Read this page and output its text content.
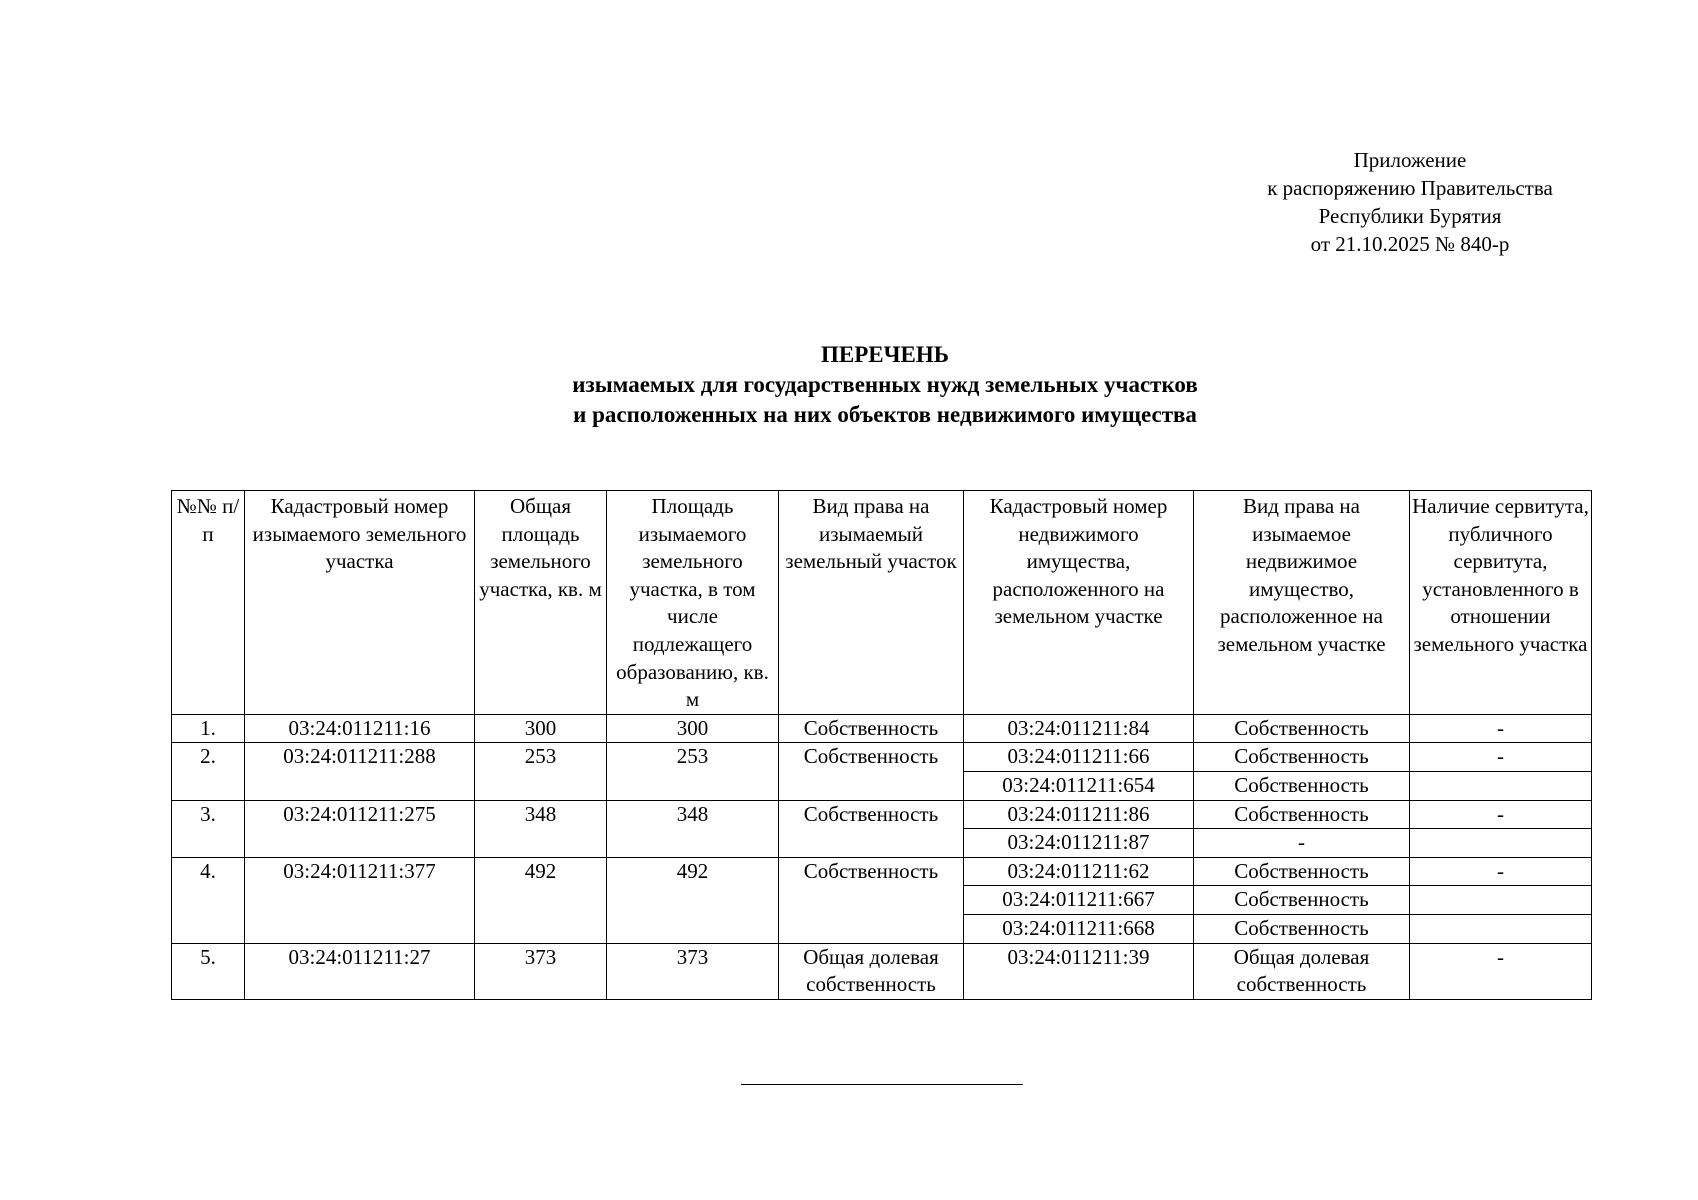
Приложение
к распоряжению Правительства
Республики Бурятия
от 21.10.2025 № 840-р
ПЕРЕЧЕНЬ
изымаемых для государственных нужд земельных участков
и расположенных на них объектов недвижимого имущества
№№ п/п	Кадастровый номер изымаемого земельного участка	Общая площадь земельного участка, кв. м	Площадь изымаемого земельного участка, в том числе подлежащего образованию, кв. м	Вид права на изымаемый земельный участок	Кадастровый номер недвижимого имущества, расположенного на земельном участке	Вид права на изымаемое недвижимое имущество, расположенное на земельном участке	Наличие сервитута, публичного сервитута, установленного в отношении земельного участка
1.	03:24:011211:16	300	300	Собственность	03:24:011211:84	Собственность	-
2.	03:24:011211:288	253	253	Собственность	03:24:011211:66	Собственность	-
					03:24:011211:654	Собственность	
3.	03:24:011211:275	348	348	Собственность	03:24:011211:86	Собственность	-
					03:24:011211:87	-	
4.	03:24:011211:377	492	492	Собственность	03:24:011211:62	Собственность	-
					03:24:011211:667	Собственность	
					03:24:011211:668	Собственность	
5.	03:24:011211:27	373	373	Общая долевая собственность	03:24:011211:39	Общая долевая собственность	-
